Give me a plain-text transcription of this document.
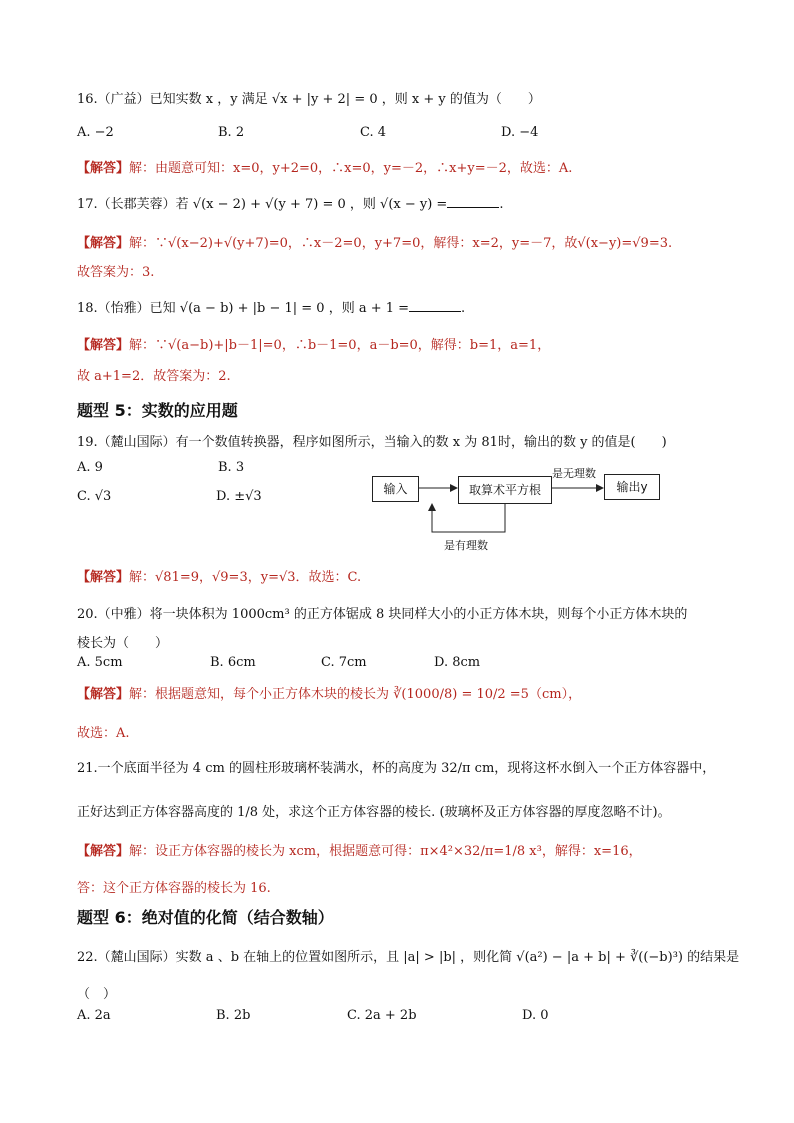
16.（广益）已知实数 x ，y 满足 √x + |y + 2| = 0 ，则 x + y 的值为（　　）
A. −2	B. 2	C. 4	D. −4
【解答】解：由题意可知：x=0，y+2=0，∴x=0，y=－2，∴x+y=－2，故选：A.
17.（长郡芙蓉）若 √(x − 2) + √(y + 7) = 0 ，则 √(x − y) =	.
【解答】解：∵√(x−2)+√(y+7)=0，∴x－2=0，y+7=0，解得：x=2，y=－7，故√(x−y)=√9=3.
故答案为：3.
18.（怡雅）已知 √(a − b) + |b − 1| = 0 ，则 a + 1 =	.
【解答】解：∵√(a−b)+|b－1|=0，∴b－1=0，a－b=0，解得：b=1，a=1，
故 a+1=2．故答案为：2.
题型 5：实数的应用题
19.（麓山国际）有一个数值转换器，程序如图所示，当输入的数 x 为 81时，输出的数 y 的值是(　　)
A. 9	B. 3
C. √3	D. ±√3	输入	取算术平方根	输出y
是无理数
是有理数
【解答】解：√81=9，√9=3，y=√3．故选：C.
20.（中雅）将一块体积为 1000cm³ 的正方体锯成 8 块同样大小的小正方体木块，则每个小正方体木块的
棱长为（　　）
A. 5cm	B. 6cm	C. 7cm	D. 8cm
【解答】解：根据题意知，每个小正方体木块的棱长为 ∛(1000/8) = 10/2 =5（cm），
故选：A.
21.一个底面半径为 4 cm 的圆柱形玻璃杯装满水，杯的高度为 32/π cm，现将这杯水倒入一个正方体容器中，
正好达到正方体容器高度的 1/8 处，求这个正方体容器的棱长. (玻璃杯及正方体容器的厚度忽略不计)。
【解答】解：设正方体容器的棱长为 xcm，根据题意可得：π×4²×32/π=1/8 x³，解得：x=16，
答：这个正方体容器的棱长为 16.
题型 6：绝对值的化简（结合数轴）
22.（麓山国际）实数 a 、b 在轴上的位置如图所示，且 |a| > |b| ，则化简 √(a²) − |a + b| + ∛((−b)³) 的结果是
（　）
A. 2a	B. 2b	C. 2a + 2b	D. 0
